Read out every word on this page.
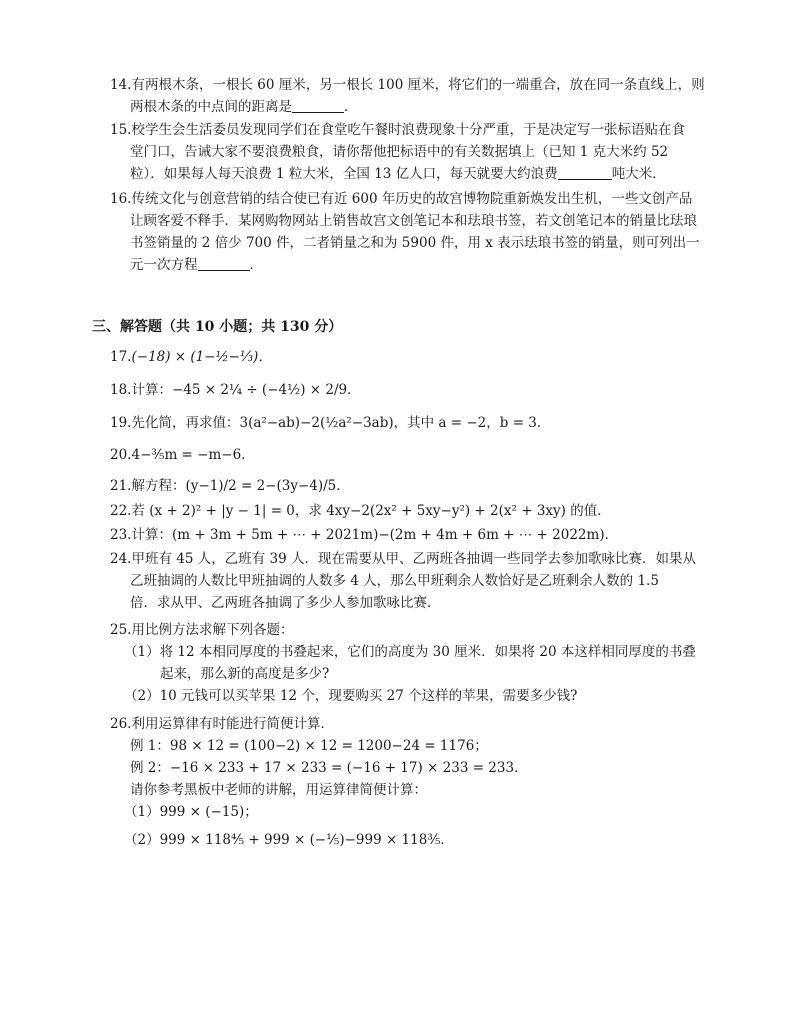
14.有两根木条，一根长 60 厘米，另一根长 100 厘米，将它们的一端重合，放在同一条直线上，则
两根木条的中点间的距离是	．
15.校学生会生活委员发现同学们在食堂吃午餐时浪费现象十分严重，于是决定写一张标语贴在食
堂门口，告诫大家不要浪费粮食，请你帮他把标语中的有关数据填上（已知 1 克大米约 52
粒）．如果每人每天浪费 1 粒大米，全国 13 亿人口，每天就要大约浪费	吨大米．
16.传统文化与创意营销的结合使已有近 600 年历史的故宫博物院重新焕发出生机，一些文创产品
让顾客爱不释手．某网购物网站上销售故宫文创笔记本和珐琅书签，若文创笔记本的销量比珐琅
书签销量的 2 倍少 700 件，二者销量之和为 5900 件，用 x 表示珐琅书签的销量，则可列出一
元一次方程	．
三、解答题（共 10 小题；共 130 分）
17.(−18) × (1−½−⅓)．
18.计算：−45 × 2¼ ÷ (−4½) × 2/9．
19.先化简，再求值：3(a²−ab)−2(½a²−3ab)，其中 a = −2，b = 3．
20.4−⅗m = −m−6．
21.解方程：(y−1)/2 = 2−(3y−4)/5．
22.若 (x + 2)² + |y − 1| = 0，求 4xy−2(2x² + 5xy−y²) + 2(x² + 3xy) 的值．
23.计算：(m + 3m + 5m + ⋯ + 2021m)−(2m + 4m + 6m + ⋯ + 2022m)．
24.甲班有 45 人，乙班有 39 人．现在需要从甲、乙两班各抽调一些同学去参加歌咏比赛．如果从
乙班抽调的人数比甲班抽调的人数多 4 人，那么甲班剩余人数恰好是乙班剩余人数的 1.5
倍．求从甲、乙两班各抽调了多少人参加歌咏比赛．
25.用比例方法求解下列各题：
（1）将 12 本相同厚度的书叠起来，它们的高度为 30 厘米．如果将 20 本这样相同厚度的书叠
起来，那么新的高度是多少?
（2）10 元钱可以买苹果 12 个，现要购买 27 个这样的苹果，需要多少钱?
26.利用运算律有时能进行简便计算．
例 1：98 × 12 = (100−2) × 12 = 1200−24 = 1176；
例 2：−16 × 233 + 17 × 233 = (−16 + 17) × 233 = 233．
请你参考黑板中老师的讲解，用运算律简便计算：
（1）999 × (−15)；
（2）999 × 118⅘ + 999 × (−⅕)−999 × 118⅗．
